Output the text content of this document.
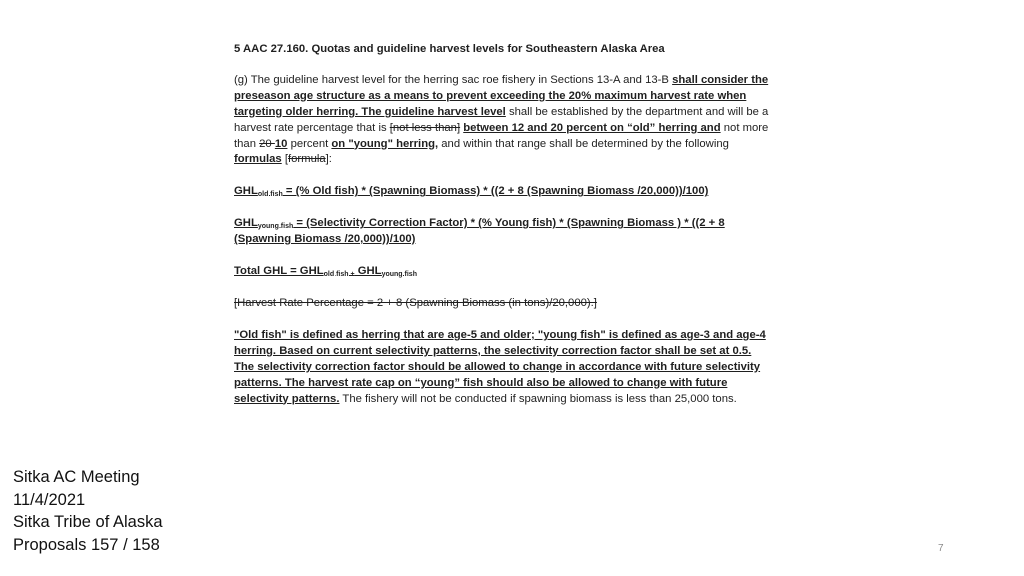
5 AAC 27.160. Quotas and guideline harvest levels for Southeastern Alaska Area

(g) The guideline harvest level for the herring sac roe fishery in Sections 13-A and 13-B shall consider the preseason age structure as a means to prevent exceeding the 20% maximum harvest rate when targeting older herring. The guideline harvest level shall be established by the department and will be a harvest rate percentage that is [not less than] between 12 and 20 percent on “old” herring and not more than 20 10 percent on "young" herring, and within that range shall be determined by the following formulas [formula]:

$GHL_{old fish}$ = (% Old fish) * (Spawning Biomass) * ((2 + 8 (Spawning Biomass /20,000))/100)

$GHL_{young fish}$ = (Selectivity Correction Factor) * (% Young fish) * (Spawning Biomass ) * ((2 + 8 (Spawning Biomass /20,000))/100)

Total GHL = $GHL_{old fish +}$ $GHL_{young fish}$

[Harvest Rate Percentage = 2 + 8 (Spawning Biomass (in tons)/20,000).]

"Old fish" is defined as herring that are age-5 and older; "young fish" is defined as age-3 and age-4 herring. Based on current selectivity patterns, the selectivity correction factor shall be set at 0.5. The selectivity correction factor should be allowed to change in accordance with future selectivity patterns. The harvest rate cap on “young” fish should also be allowed to change with future selectivity patterns. The fishery will not be conducted if spawning biomass is less than 25,000 tons.

Sitka AC Meeting
11/4/2021
Sitka Tribe of Alaska
Proposals 157 / 158	7
